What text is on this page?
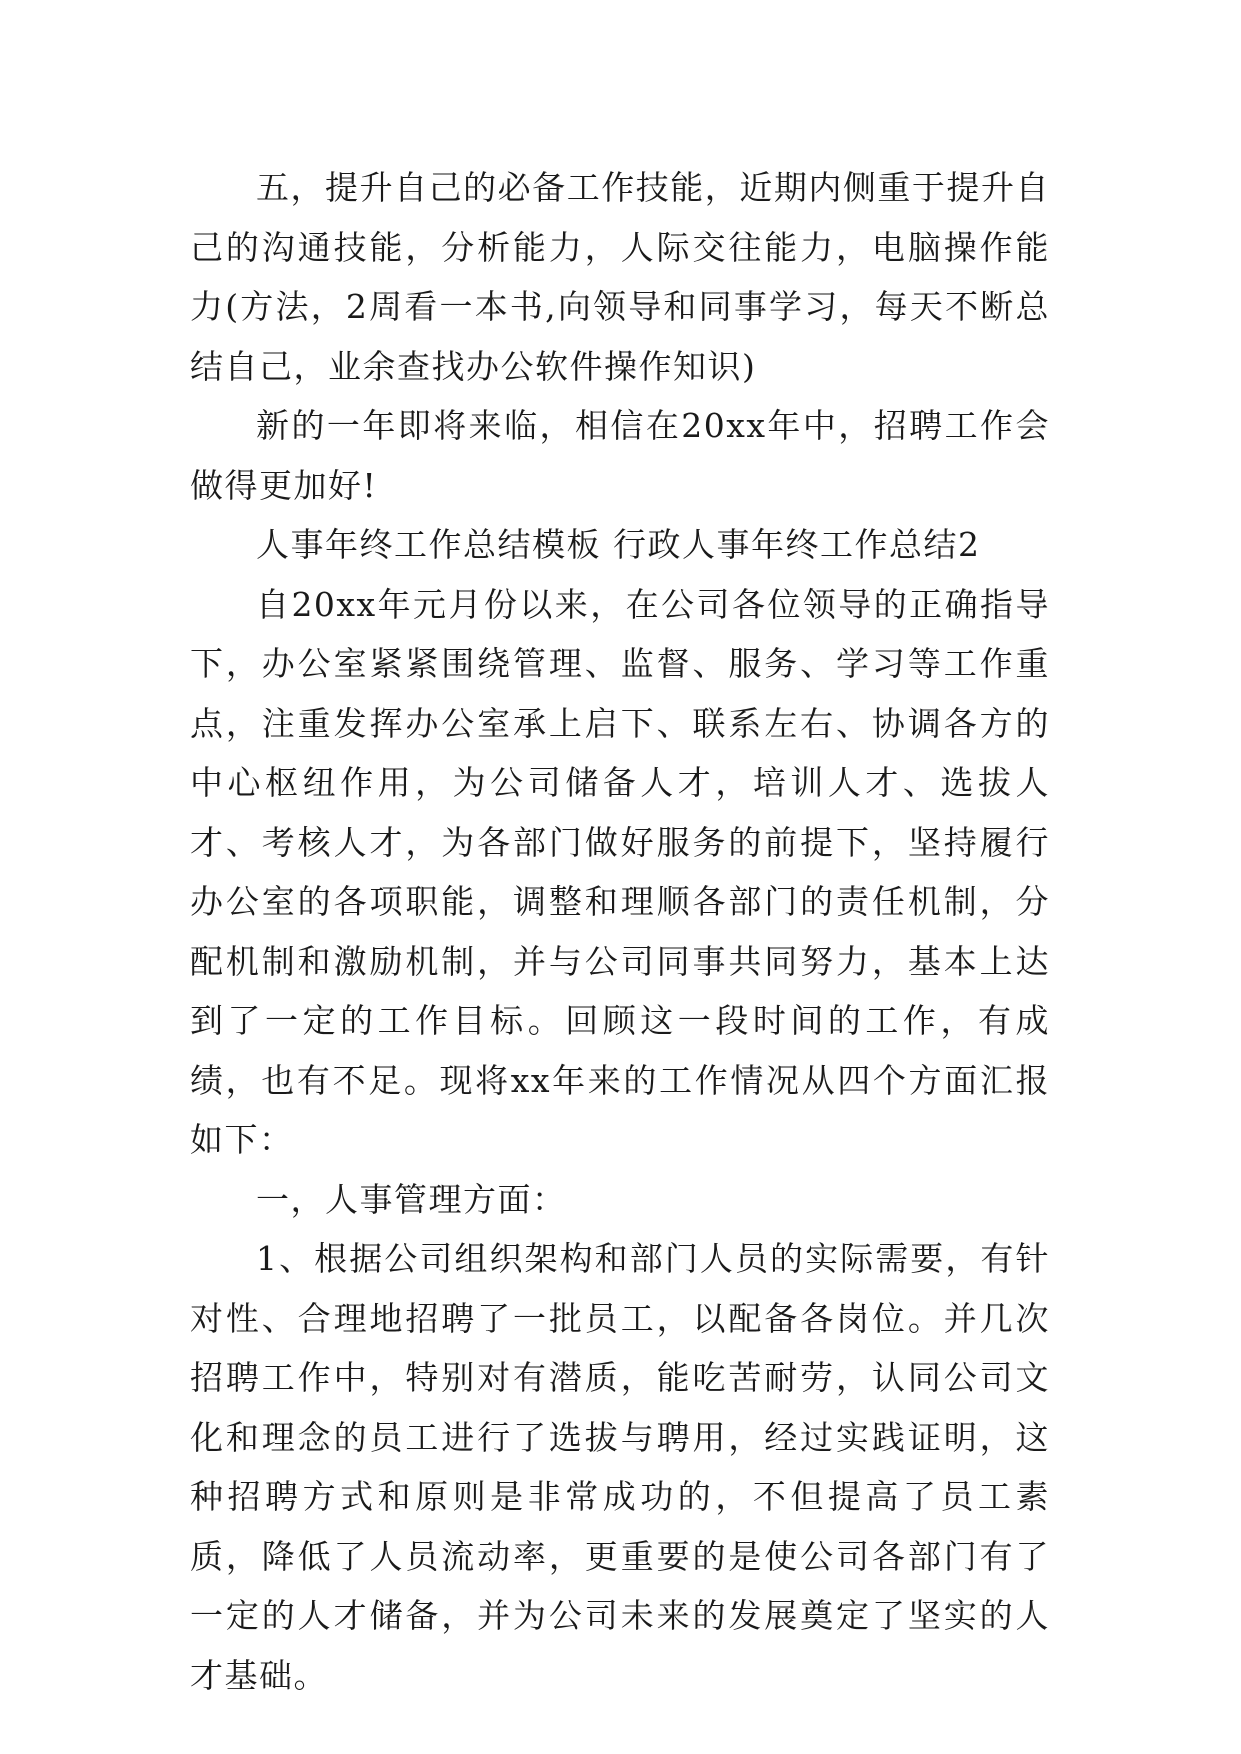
五，提升自己的必备工作技能，近期内侧重于提升自己的沟通技能，分析能力，人际交往能力，电脑操作能力(方法，2周看一本书,向领导和同事学习，每天不断总结自己，业余查找办公软件操作知识)

新的一年即将来临，相信在20xx年中，招聘工作会做得更加好!

人事年终工作总结模板 行政人事年终工作总结2

自20xx年元月份以来，在公司各位领导的正确指导下，办公室紧紧围绕管理、监督、服务、学习等工作重点，注重发挥办公室承上启下、联系左右、协调各方的中心枢纽作用，为公司储备人才，培训人才、选拔人才、考核人才，为各部门做好服务的前提下，坚持履行办公室的各项职能，调整和理顺各部门的责任机制，分配机制和激励机制，并与公司同事共同努力，基本上达到了一定的工作目标。回顾这一段时间的工作，有成绩，也有不足。现将xx年来的工作情况从四个方面汇报如下：

一，人事管理方面：

1、根据公司组织架构和部门人员的实际需要，有针对性、合理地招聘了一批员工，以配备各岗位。并几次招聘工作中，特别对有潜质，能吃苦耐劳，认同公司文化和理念的员工进行了选拔与聘用，经过实践证明，这种招聘方式和原则是非常成功的，不但提高了员工素质，降低了人员流动率，更重要的是使公司各部门有了一定的人才储备，并为公司未来的发展奠定了坚实的人才基础。
